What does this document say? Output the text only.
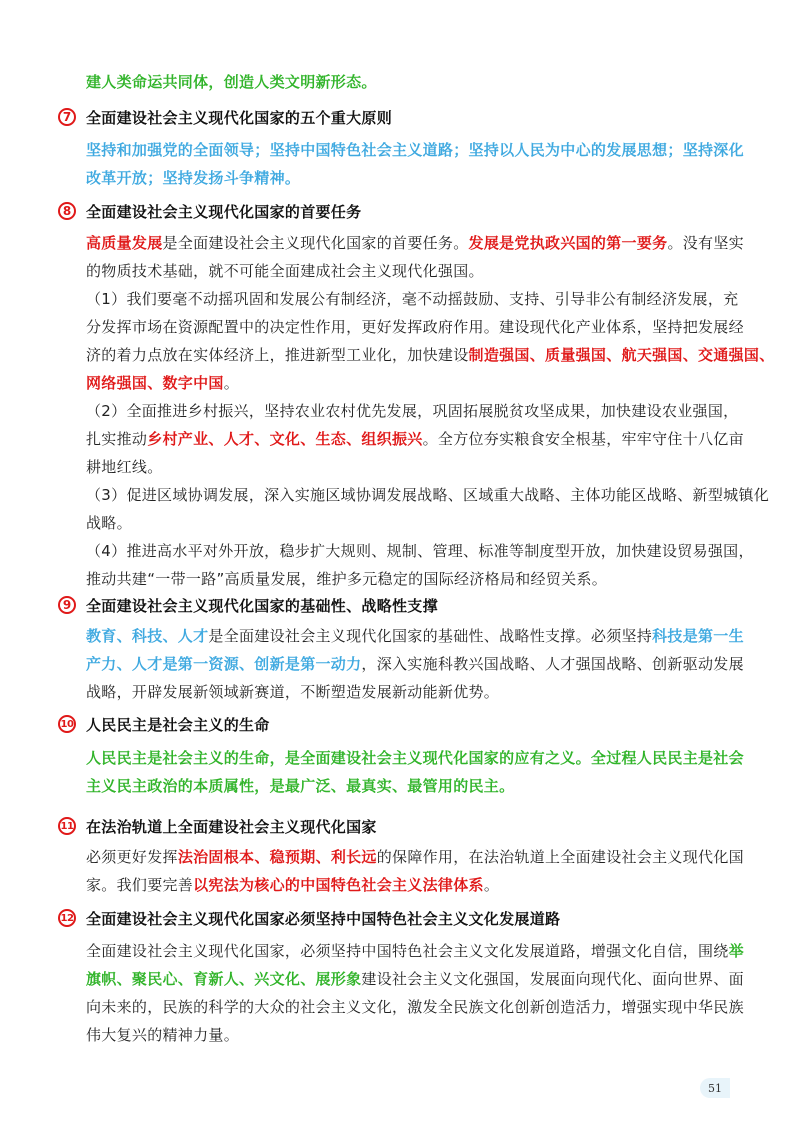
建人类命运共同体，创造人类文明新形态。
7 全面建设社会主义现代化国家的五个重大原则
坚持和加强党的全面领导；坚持中国特色社会主义道路；坚持以人民为中心的发展思想；坚持深化
改革开放；坚持发扬斗争精神。
8 全面建设社会主义现代化国家的首要任务
高质量发展是全面建设社会主义现代化国家的首要任务。发展是党执政兴国的第一要务。没有坚实
的物质技术基础，就不可能全面建成社会主义现代化强国。
（1）我们要毫不动摇巩固和发展公有制经济，毫不动摇鼓励、支持、引导非公有制经济发展，充
分发挥市场在资源配置中的决定性作用，更好发挥政府作用。建设现代化产业体系，坚持把发展经
济的着力点放在实体经济上，推进新型工业化，加快建设制造强国、质量强国、航天强国、交通强国、
网络强国、数字中国。
（2）全面推进乡村振兴，坚持农业农村优先发展，巩固拓展脱贫攻坚成果，加快建设农业强国，
扎实推动乡村产业、人才、文化、生态、组织振兴。全方位夯实粮食安全根基，牢牢守住十八亿亩
耕地红线。
（3）促进区域协调发展，深入实施区域协调发展战略、区域重大战略、主体功能区战略、新型城镇化
战略。
（4）推进高水平对外开放，稳步扩大规则、规制、管理、标准等制度型开放，加快建设贸易强国，
推动共建“一带一路”高质量发展，维护多元稳定的国际经济格局和经贸关系。
9 全面建设社会主义现代化国家的基础性、战略性支撑
教育、科技、人才是全面建设社会主义现代化国家的基础性、战略性支撑。必须坚持科技是第一生
产力、人才是第一资源、创新是第一动力，深入实施科教兴国战略、人才强国战略、创新驱动发展
战略，开辟发展新领域新赛道，不断塑造发展新动能新优势。
10 人民民主是社会主义的生命
人民民主是社会主义的生命，是全面建设社会主义现代化国家的应有之义。全过程人民民主是社会
主义民主政治的本质属性，是最广泛、最真实、最管用的民主。
11 在法治轨道上全面建设社会主义现代化国家
必须更好发挥法治固根本、稳预期、利长远的保障作用，在法治轨道上全面建设社会主义现代化国
家。我们要完善以宪法为核心的中国特色社会主义法律体系。
12 全面建设社会主义现代化国家必须坚持中国特色社会主义文化发展道路
全面建设社会主义现代化国家，必须坚持中国特色社会主义文化发展道路，增强文化自信，围绕举
旗帜、聚民心、育新人、兴文化、展形象建设社会主义文化强国，发展面向现代化、面向世界、面
向未来的，民族的科学的大众的社会主义文化，激发全民族文化创新创造活力，增强实现中华民族
伟大复兴的精神力量。
51
